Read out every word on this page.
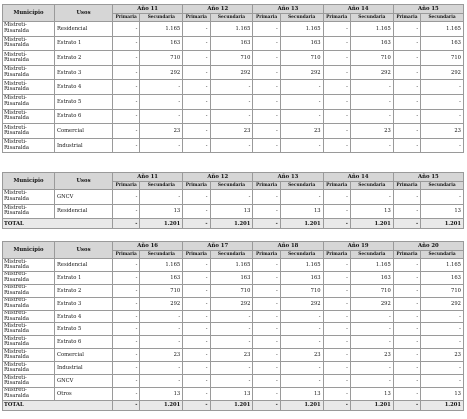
Município	Usos	Año 11		Año 12		Año 13		Año 14		Año 15	
		Primaria	Secundaria	Primaria	Secundaria	Primaria	Secundaria	Primaria	Secundaria	Primaria	Secundaria
Mistretí-
Risaralda	Residencial	-	1.165	-	1.165	-	1.165	-	1.165	-	1.165
Mistretí-
Risaralda	Estrato 1	-	163	-	163	-	163	-	163	-	163
Mistretí-
Risaralda	Estrato 2	-	710	-	710	-	710	-	710	-	710
Mistretí-
Risaralda	Estrato 3	-	292	-	292	-	292	-	292	-	292
Mistretí-
Risaralda	Estrato 4	-	-	-	-	-	-	-	-	-	-
Mistretí-
Risaralda	Estrato 5	-	-	-	-	-	-	-	-	-	-
Mistretí-
Risaralda	Estrato 6	-	-	-	-	-	-	-	-	-	-
Mistretí-
Risaralda	Comercial	-	23	-	23	-	23	-	23	-	23
Mistretí-
Risaralda	Industrial	-	-	-	-	-	-	-	-	-	-
Município	Usos	Año 11		Año 12		Año 13		Año 14		Año 15	
		Primaria	Secundaria	Primaria	Secundaria	Primaria	Secundaria	Primaria	Secundaria	Primaria	Secundaria
Mistretí-
Risaralda	GNCV	-	-	-	-	-	-	-	-	-	-
Mistretí-
Risaralda	Residencial	-	13	-	13	-	13	-	13	-	13
TOTAL		-	1.201	-	1.201	-	1.201	-	1.201	-	1.201
Município	Usos	Año 16		Año 17		Año 18		Año 19		Año 20	
		Primaria	Secundaria	Primaria	Secundaria	Primaria	Secundaria	Primaria	Secundaria	Primaria	Secundaria
Mistretí-
Risaralda	Residencial	-	1.165	-	1.165	-	1.165	-	1.165	-	1.165
Mistretí-
Risaralda	Estrato 1	-	163	-	163	-	163	-	163	-	163
Mistretí-
Risaralda	Estrato 2	-	710	-	710	-	710	-	710	-	710
Mistretí-
Risaralda	Estrato 3	-	292	-	292	-	292	-	292	-	292
Mistretí-
Risaralda	Estrato 4	-	-	-	-	-	-	-	-	-	-
Mistretí-
Risaralda	Estrato 5	-	-	-	-	-	-	-	-	-	-
Mistretí-
Risaralda	Estrato 6	-	-	-	-	-	-	-	-	-	-
Mistretí-
Risaralda	Comercial	-	23	-	23	-	23	-	23	-	23
Mistretí-
Risaralda	Industrial	-	-	-	-	-	-	-	-	-	-
Mistretí-
Risaralda	GNCV	-	-	-	-	-	-	-	-	-	-
Mistretí-
Risaralda	Otros	-	13	-	13	-	13	-	13	-	13
TOTAL		-	1.201	-	1.201	-	1.201	-	1.201	-	1.201
